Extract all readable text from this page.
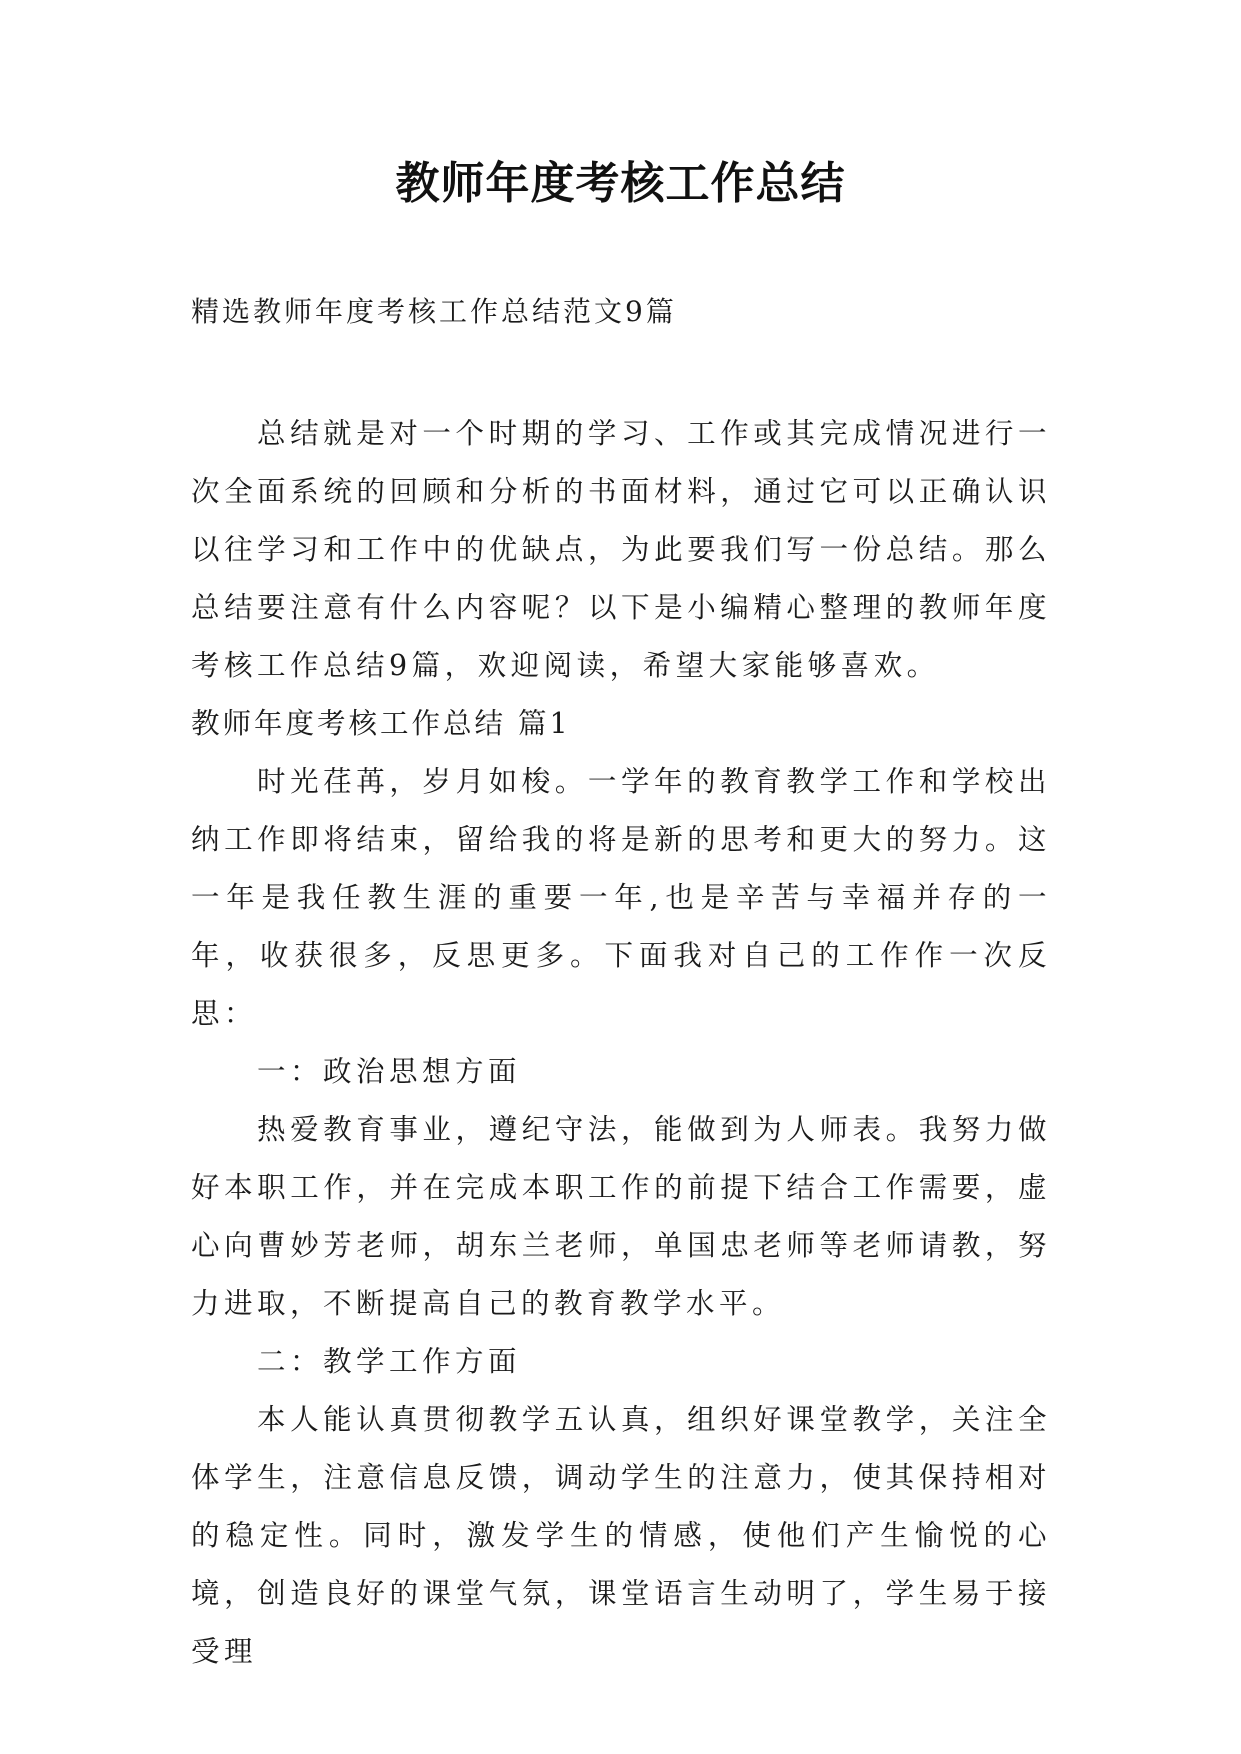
教师年度考核工作总结
精选教师年度考核工作总结范文9篇

总结就是对一个时期的学习、工作或其完成情况进行一次全面系统的回顾和分析的书面材料，通过它可以正确认识以往学习和工作中的优缺点，为此要我们写一份总结。那么总结要注意有什么内容呢？以下是小编精心整理的教师年度考核工作总结9篇，欢迎阅读，希望大家能够喜欢。

教师年度考核工作总结 篇1

时光荏苒，岁月如梭。一学年的教育教学工作和学校出纳工作即将结束，留给我的将是新的思考和更大的努力。这一年是我任教生涯的重要一年,也是辛苦与幸福并存的一年，收获很多，反思更多。下面我对自己的工作作一次反思：

一：政治思想方面

热爱教育事业，遵纪守法，能做到为人师表。我努力做好本职工作，并在完成本职工作的前提下结合工作需要，虚心向曹妙芳老师，胡东兰老师，单国忠老师等老师请教，努力进取，不断提高自己的教育教学水平。

二：教学工作方面

本人能认真贯彻教学五认真，组织好课堂教学，关注全体学生，注意信息反馈，调动学生的注意力，使其保持相对的稳定性。同时，激发学生的情感，使他们产生愉悦的心境，创造良好的课堂气氛，课堂语言生动明了，学生易于接受理
